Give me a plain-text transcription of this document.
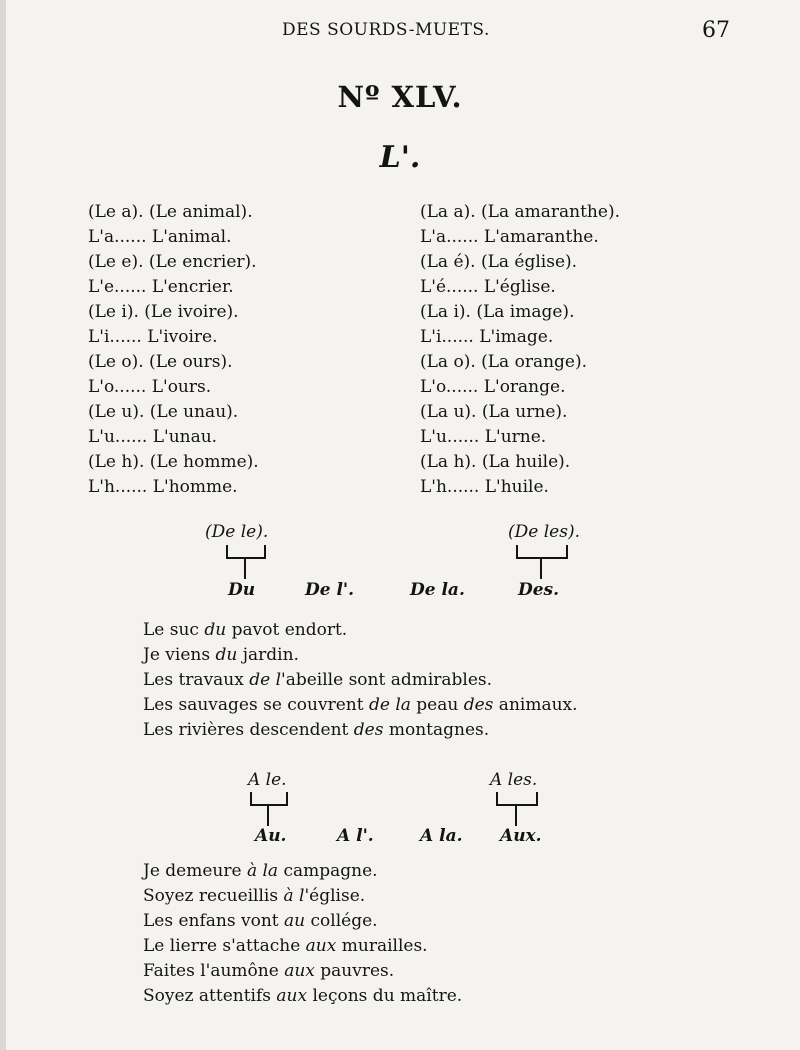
DES SOURDS-MUETS.	67
Nº XLV.
L'.
(Le a). (Le animal).
L'a...... L'animal.
(Le e). (Le encrier).
L'e...... L'encrier.
(Le i). (Le ivoire).
L'i...... L'ivoire.
(Le o). (Le ours).
L'o...... L'ours.
(Le u). (Le unau).
L'u...... L'unau.
(Le h). (Le homme).
L'h...... L'homme.
(La a). (La amaranthe).
L'a...... L'amaranthe.
(La é). (La église).
L'é...... L'église.
(La i). (La image).
L'i...... L'image.
(La o). (La orange).
L'o...... L'orange.
(La u). (La urne).
L'u...... L'urne.
(La h). (La huile).
L'h...... L'huile.
(De le).	(De les).
Du	De l'.	De la.	Des.
Le suc du pavot endort.
Je viens du jardin.
Les travaux de l'abeille sont admirables.
Les sauvages se couvrent de la peau des animaux.
Les rivières descendent des montagnes.
A le.	A les.
Au.	A l'.	A la. Aux.
Je demeure à la campagne.
Soyez recueillis à l'église.
Les enfans vont au collége.
Le lierre s'attache aux murailles.
Faites l'aumône aux pauvres.
Soyez attentifs aux leçons du maître.
